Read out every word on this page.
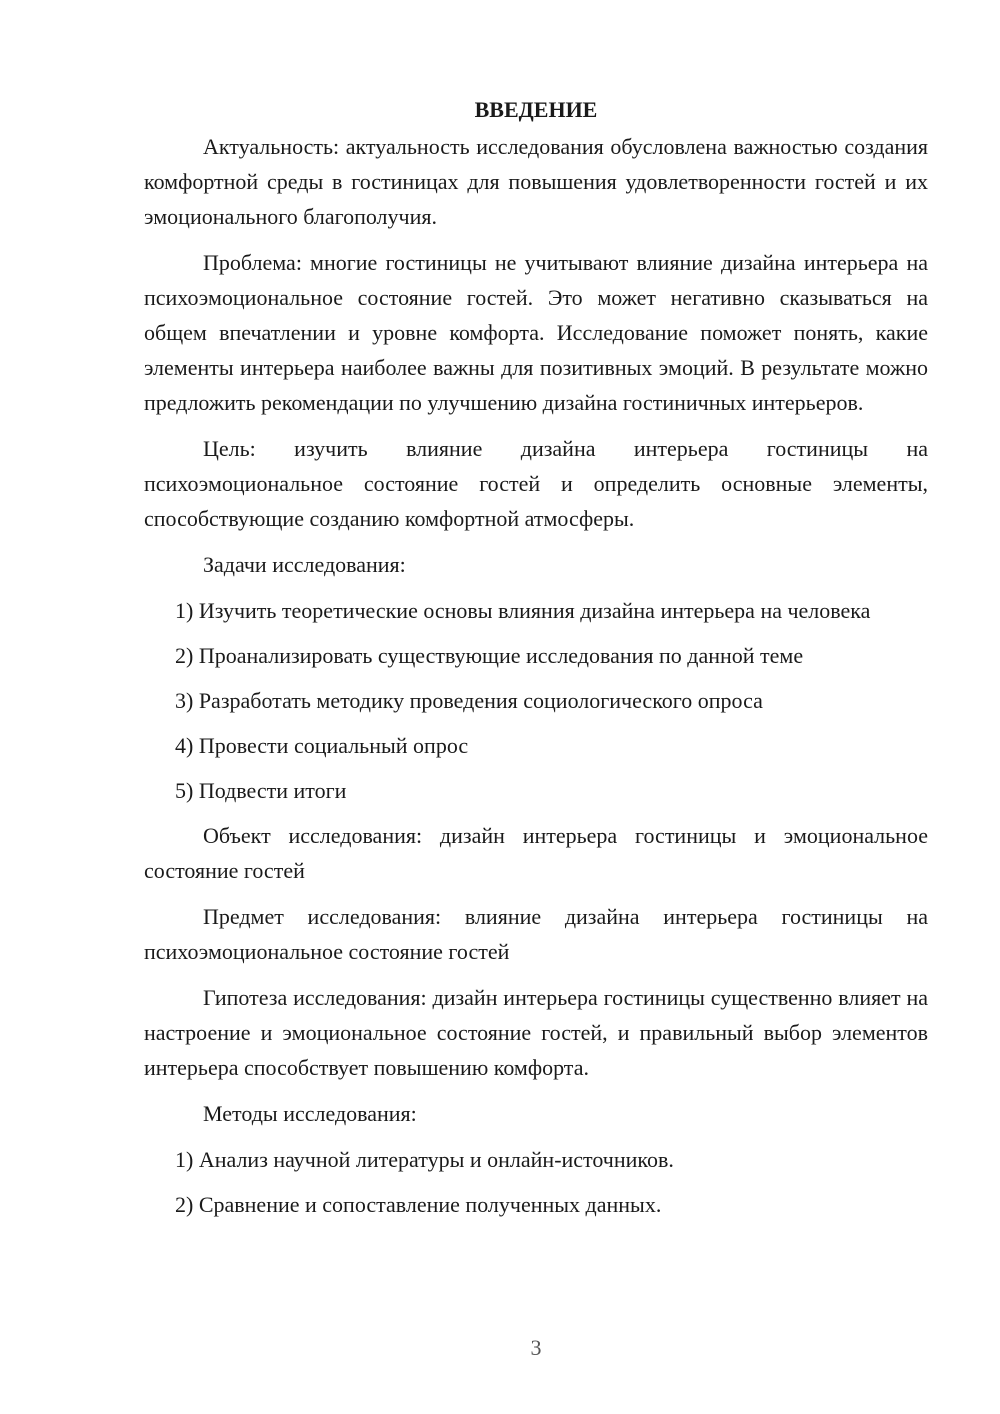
ВВЕДЕНИЕ

Актуальность: актуальность исследования обусловлена важностью создания комфортной среды в гостиницах для повышения удовлетворенности гостей и их эмоционального благополучия.

Проблема: многие гостиницы не учитывают влияние дизайна интерьера на психоэмоциональное состояние гостей. Это может негативно сказываться на общем впечатлении и уровне комфорта. Исследование поможет понять, какие элементы интерьера наиболее важны для позитивных эмоций. В результате можно предложить рекомендации по улучшению дизайна гостиничных интерьеров.

Цель: изучить влияние дизайна интерьера гостиницы на психоэмоциональное состояние гостей и определить основные элементы, способствующие созданию комфортной атмосферы.

Задачи исследования:

1) Изучить теоретические основы влияния дизайна интерьера на человека

2) Проанализировать существующие исследования по данной теме

3) Разработать методику проведения социологического опроса

4) Провести социальный опрос

5) Подвести итоги

Объект исследования: дизайн интерьера гостиницы и эмоциональное состояние гостей

Предмет исследования: влияние дизайна интерьера гостиницы на психоэмоциональное состояние гостей

Гипотеза исследования: дизайн интерьера гостиницы существенно влияет на настроение и эмоциональное состояние гостей, и правильный выбор элементов интерьера способствует повышению комфорта.

Методы исследования:

1) Анализ научной литературы и онлайн-источников.

2) Сравнение и сопоставление полученных данных.

3
